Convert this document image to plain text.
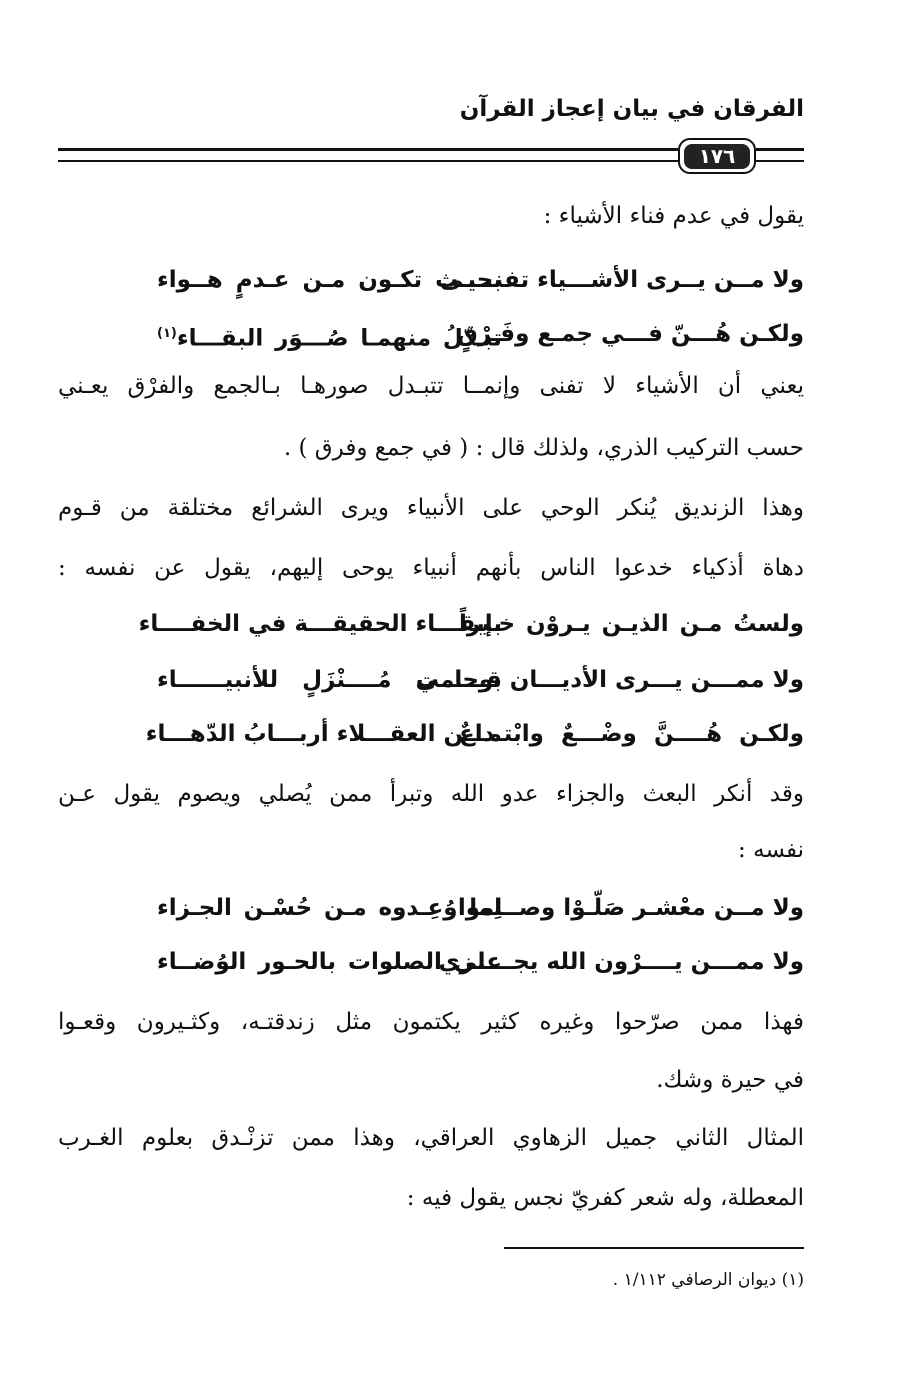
الفرقان في بيان إعجاز القرآن
١٧٦
يقول في عدم فناء الأشياء :
ولا مــن يــرى الأشـــياء تفنــــى
بحيـث تكـون مـن عـدمٍ هــواء
ولكـن هُـــنّ فـــي جمـع وفَـرْقٍ
تبـدّلُ منهمـا صُـــوَر البقـــاء$^{(١)}$
يعني أن الأشياء لا تفنى وإنمــا تتبـدل صورهـا بـالجمع والفرْق يعـني
حسب التركيب الذري، ولذلك قال : ( في جمع وفرق ) .
وهذا الزنديق يُنكر الوحي على الأنبياء ويرى الشرائع مختلقة من قـوم
دهاة أذكياء خدعوا الناس بأنهم أنبياء يوحى إليهم، يقول عن نفسه :
ولستُ مـن الذيـن يـروْن خـيراً
بإبقـــاء الحقيقـــة في الخفــــاء
ولا ممـــن يـــرى الأديـــان قـــامت
بوحـــي مُــــنْزَلٍ للأنبيــــــاء
ولكـن هُــــنَّ وضْـــعٌ وابْتـداعٌ
مـــن العقـــلاء أربـــابُ الدّهـــاء
وقد أنكر البعث والجزاء عدو الله وتبرأ ممن يُصلي ويصوم يقول عـن
نفسه :
ولا مــن معْشـر صَلّـوْا وصــاموا
لِما وُعِـدوه مـن حُسْـن الجـزاء
ولا ممـــن يــــرْون الله يجـــــزي
على الصلوات بالحـور الوُضــاء
فهذا ممن صرّحوا وغيره كثير يكتمون مثل زندقتـه، وكثـيرون وقعـوا
في حيرة وشك.
المثال الثاني جميل الزهاوي العراقي، وهذا ممن تزنْـدق بعلوم الغـرب
المعطلة، وله شعر كفريّ نجس يقول فيه :
(١) ديوان الرصافي ١/١١٢ .
